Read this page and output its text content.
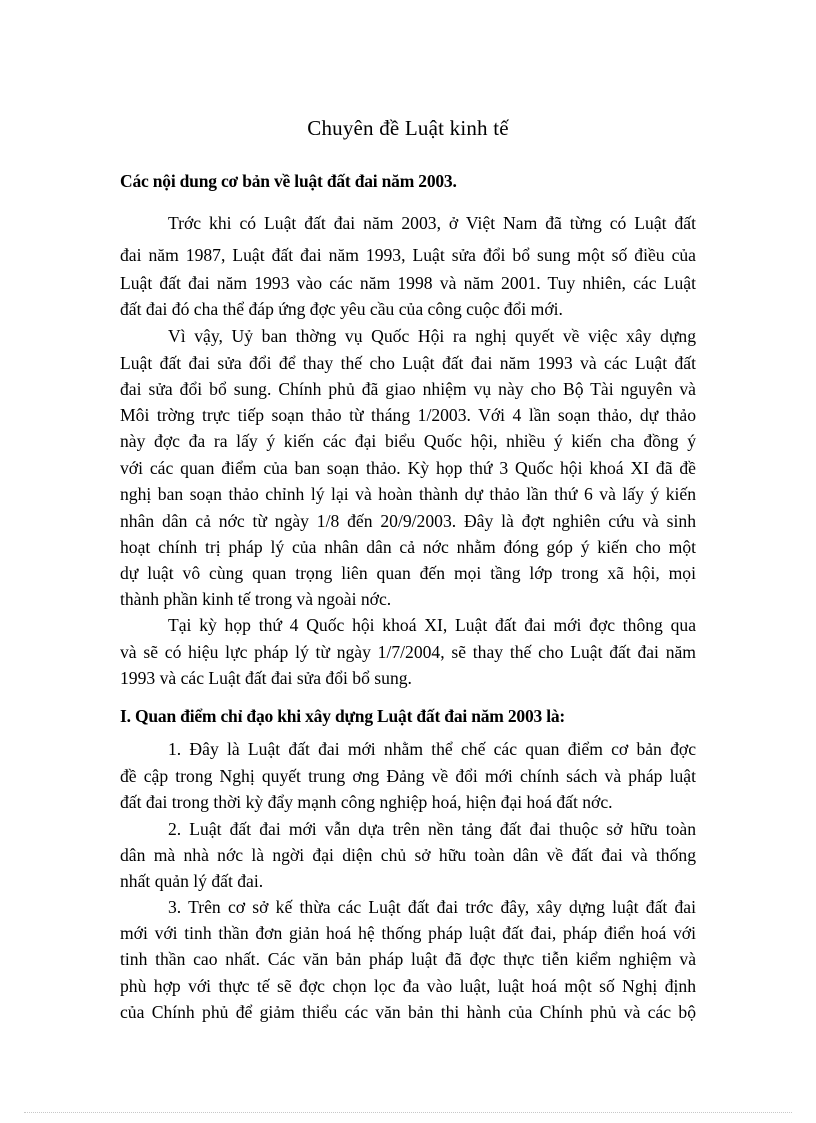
Chuyên đề Luật kinh tế
Các nội dung cơ bản về luật đất đai năm 2003.

Trớc khi có Luật đất đai năm 2003, ở Việt Nam đã từng có Luật đất

đai năm 1987, Luật đất đai năm 1993, Luật sửa đổi bổ sung một số điều của

Luật đất đai năm 1993 vào các năm 1998 và năm 2001. Tuy nhiên, các Luật

đất đai đó cha thể đáp ứng đợc yêu cầu của công cuộc đổi mới.

Vì vậy, Uỷ ban thờng vụ Quốc Hội ra nghị quyết về việc xây dựng

Luật đất đai sửa đổi để thay thế cho Luật đất đai năm 1993 và các Luật đất

đai sửa đổi bổ sung. Chính phủ đã giao nhiệm vụ này cho Bộ Tài nguyên và

Môi trờng trực tiếp soạn thảo từ tháng 1/2003. Với 4 lần soạn thảo, dự thảo

này đợc đa ra lấy ý kiến các đại biểu Quốc hội, nhiều ý kiến cha đồng ý

với các quan điểm của ban soạn thảo. Kỳ họp thứ 3 Quốc hội khoá XI đã đề

nghị ban soạn thảo chỉnh lý lại và hoàn thành dự thảo lần thứ 6 và lấy ý kiến

nhân dân cả nớc từ ngày 1/8 đến 20/9/2003. Đây là đợt nghiên cứu và sinh

hoạt chính trị pháp lý của nhân dân cả nớc nhằm đóng góp ý kiến cho một

dự luật vô cùng quan trọng liên quan đến mọi tầng lớp trong xã hội, mọi

thành phần kinh tế trong và ngoài nớc.

Tại kỳ họp thứ 4 Quốc hội khoá XI, Luật đất đai mới đợc thông qua

và sẽ có hiệu lực pháp lý từ ngày 1/7/2004, sẽ thay thế cho Luật đất đai năm

1993 và các Luật đất đai sửa đổi bổ sung.

I. Quan điểm chỉ đạo khi xây dựng Luật đất đai năm 2003 là:

1. Đây là Luật đất đai mới nhằm thể chế các quan điểm cơ bản đợc

đề cập trong Nghị quyết trung ơng Đảng về đổi mới chính sách và pháp luật

đất đai trong thời kỳ đẩy mạnh công nghiệp hoá, hiện đại hoá đất nớc.

2. Luật đất đai mới vẫn dựa trên nền tảng đất đai thuộc sở hữu toàn

dân mà nhà nớc là ngời đại diện chủ sở hữu toàn dân về đất đai và thống

nhất quản lý đất đai.

3. Trên cơ sở kế thừa các Luật đất đai trớc đây, xây dựng luật đất đai

mới với tinh thần đơn giản hoá hệ thống pháp luật đất đai, pháp điển hoá với

tinh thần cao nhất. Các văn bản pháp luật đã đợc thực tiễn kiểm nghiệm và

phù hợp với thực tế sẽ đợc chọn lọc đa vào luật, luật hoá một số Nghị định

của Chính phủ để giảm thiểu các văn bản thi hành của Chính phủ và các bộ
